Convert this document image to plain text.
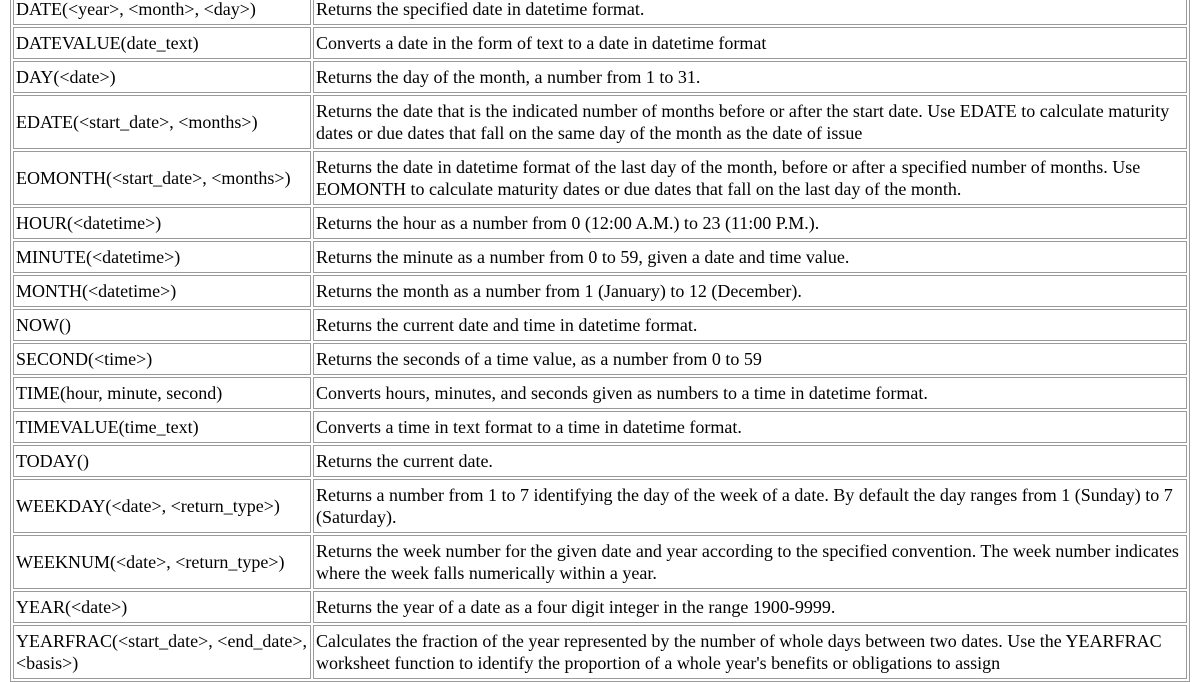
DATE(<year>, <month>, <day>)	Returns the specified date in datetime format.
DATEVALUE(date_text)	Converts a date in the form of text to a date in datetime format
DAY(<date>)	Returns the day of the month, a number from 1 to 31.
EDATE(<start_date>, <months>)	Returns the date that is the indicated number of months before or after the start date. Use EDATE to calculate maturity dates or due dates that fall on the same day of the month as the date of issue
EOMONTH(<start_date>, <months>)	Returns the date in datetime format of the last day of the month, before or after a specified number of months. Use EOMONTH to calculate maturity dates or due dates that fall on the last day of the month.
HOUR(<datetime>)	Returns the hour as a number from 0 (12:00 A.M.) to 23 (11:00 P.M.).
MINUTE(<datetime>)	Returns the minute as a number from 0 to 59, given a date and time value.
MONTH(<datetime>)	Returns the month as a number from 1 (January) to 12 (December).
NOW()	Returns the current date and time in datetime format.
SECOND(<time>)	Returns the seconds of a time value, as a number from 0 to 59
TIME(hour, minute, second)	Converts hours, minutes, and seconds given as numbers to a time in datetime format.
TIMEVALUE(time_text)	Converts a time in text format to a time in datetime format.
TODAY()	Returns the current date.
WEEKDAY(<date>, <return_type>)	Returns a number from 1 to 7 identifying the day of the week of a date. By default the day ranges from 1 (Sunday) to 7 (Saturday).
WEEKNUM(<date>, <return_type>)	Returns the week number for the given date and year according to the specified convention. The week number indicates where the week falls numerically within a year.
YEAR(<date>)	Returns the year of a date as a four digit integer in the range 1900-9999.
YEARFRAC(<start_date>, <end_date>, <basis>)	Calculates the fraction of the year represented by the number of whole days between two dates. Use the YEARFRAC worksheet function to identify the proportion of a whole year's benefits or obligations to assign
